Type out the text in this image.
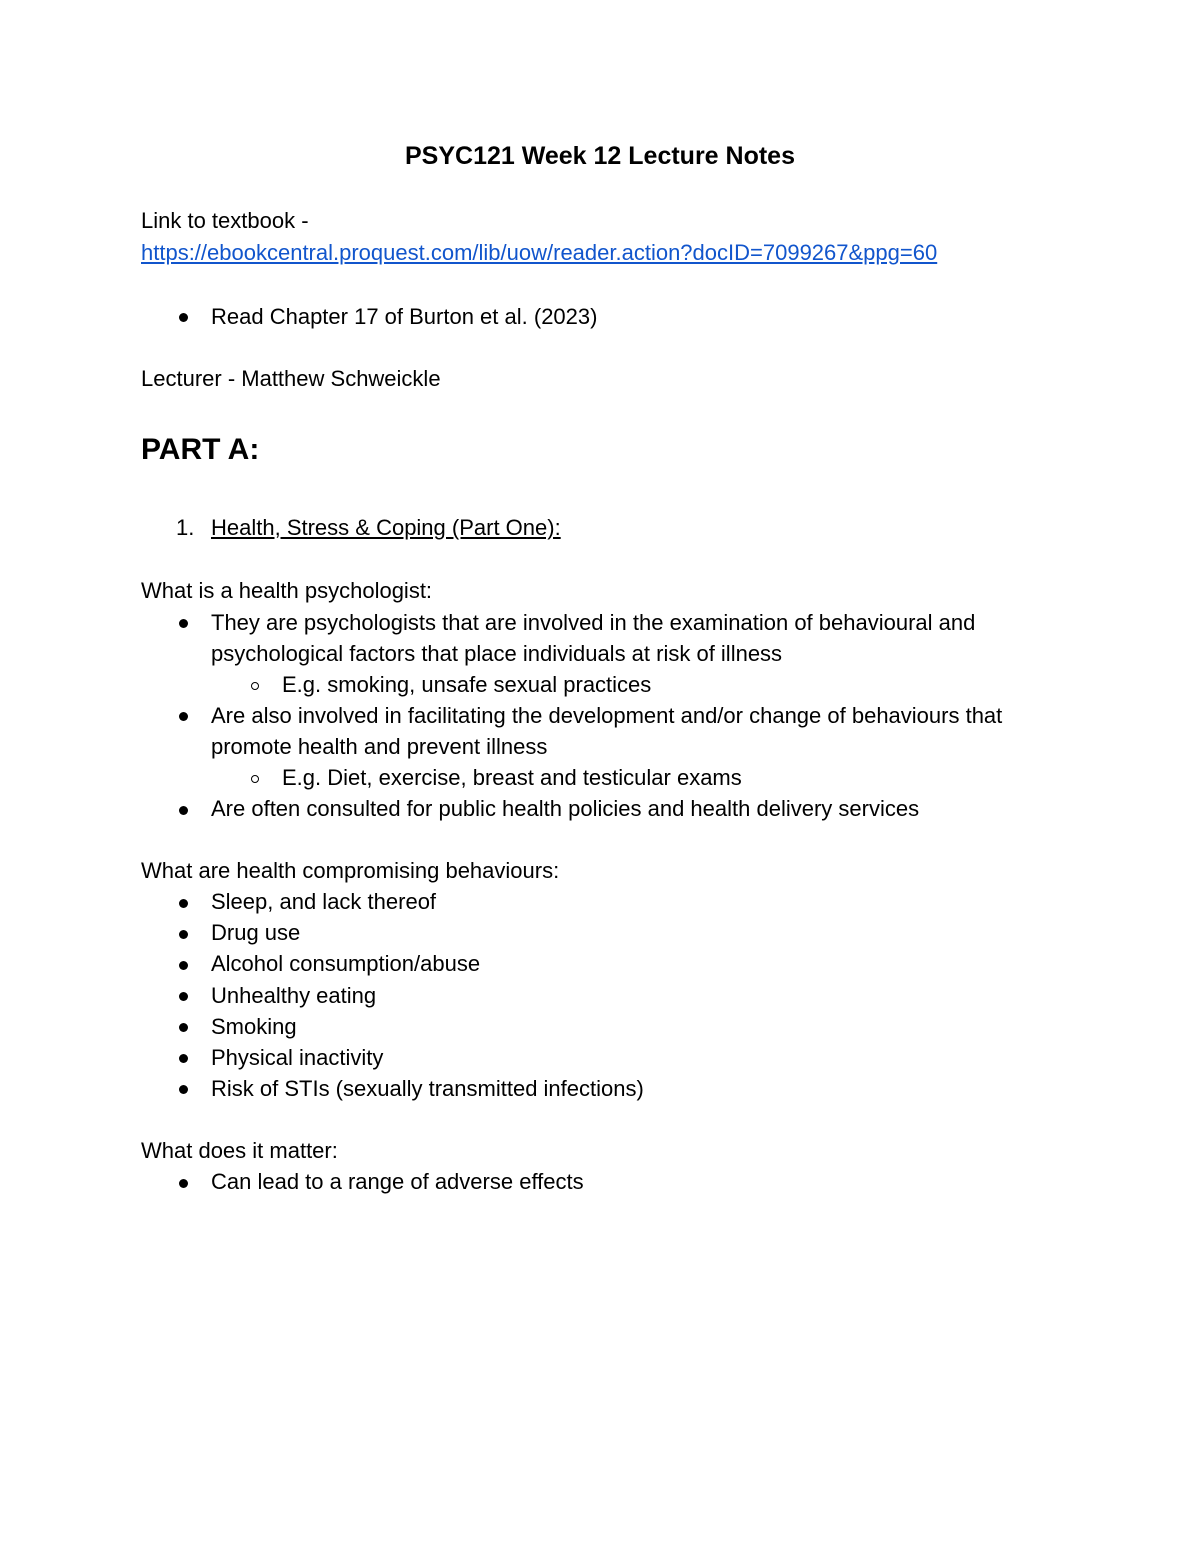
PSYC121 Week 12 Lecture Notes
Link to textbook -
https://ebookcentral.proquest.com/lib/uow/reader.action?docID=7099267&ppg=60
Read Chapter 17 of Burton et al. (2023)
Lecturer - Matthew Schweickle
PART A:
1. Health, Stress & Coping (Part One):
What is a health psychologist:
They are psychologists that are involved in the examination of behavioural and
psychological factors that place individuals at risk of illness
E.g. smoking, unsafe sexual practices
Are also involved in facilitating the development and/or change of behaviours that
promote health and prevent illness
E.g. Diet, exercise, breast and testicular exams
Are often consulted for public health policies and health delivery services
What are health compromising behaviours:
Sleep, and lack thereof
Drug use
Alcohol consumption/abuse
Unhealthy eating
Smoking
Physical inactivity
Risk of STIs (sexually transmitted infections)
What does it matter:
Can lead to a range of adverse effects
